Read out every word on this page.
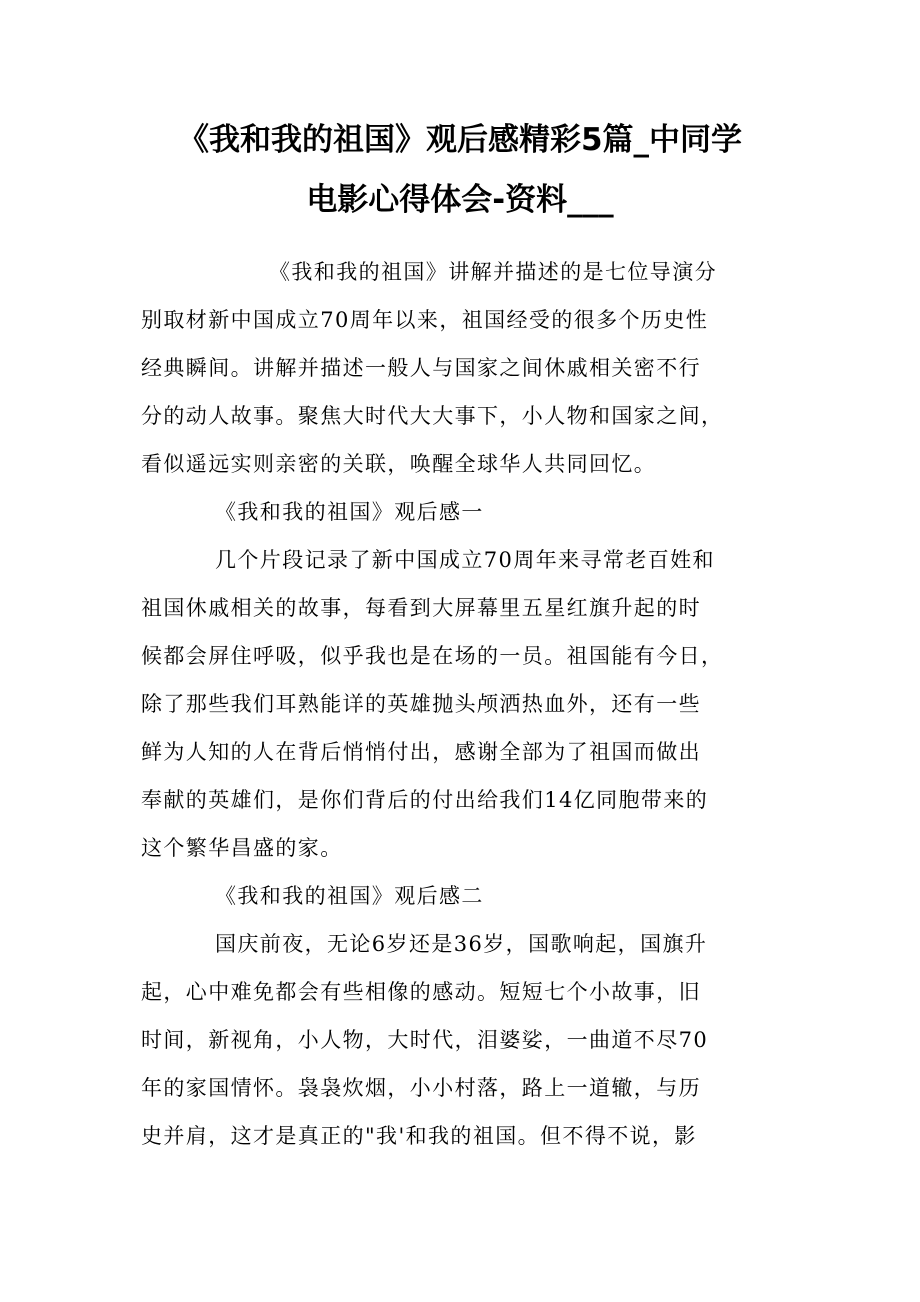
《我和我的祖国》观后感精彩5篇_中同学
电影心得体会-资料___
《我和我的祖国》讲解并描述的是七位导演分
别取材新中国成立70周年以来，祖国经受的很多个历史性
经典瞬间。讲解并描述一般人与国家之间休戚相关密不行
分的动人故事。聚焦大时代大大事下，小人物和国家之间，
看似遥远实则亲密的关联，唤醒全球华人共同回忆。
《我和我的祖国》观后感一
几个片段记录了新中国成立70周年来寻常老百姓和
祖国休戚相关的故事，每看到大屏幕里五星红旗升起的时
候都会屏住呼吸，似乎我也是在场的一员。祖国能有今日，
除了那些我们耳熟能详的英雄抛头颅洒热血外，还有一些
鲜为人知的人在背后悄悄付出，感谢全部为了祖国而做出
奉献的英雄们，是你们背后的付出给我们14亿同胞带来的
这个繁华昌盛的家。
《我和我的祖国》观后感二
国庆前夜，无论6岁还是36岁，国歌响起，国旗升
起，心中难免都会有些相像的感动。短短七个小故事，旧
时间，新视角，小人物，大时代，泪婆娑，一曲道不尽70
年的家国情怀。袅袅炊烟，小小村落，路上一道辙，与历
史并肩，这才是真正的"我'和我的祖国。但不得不说，影
